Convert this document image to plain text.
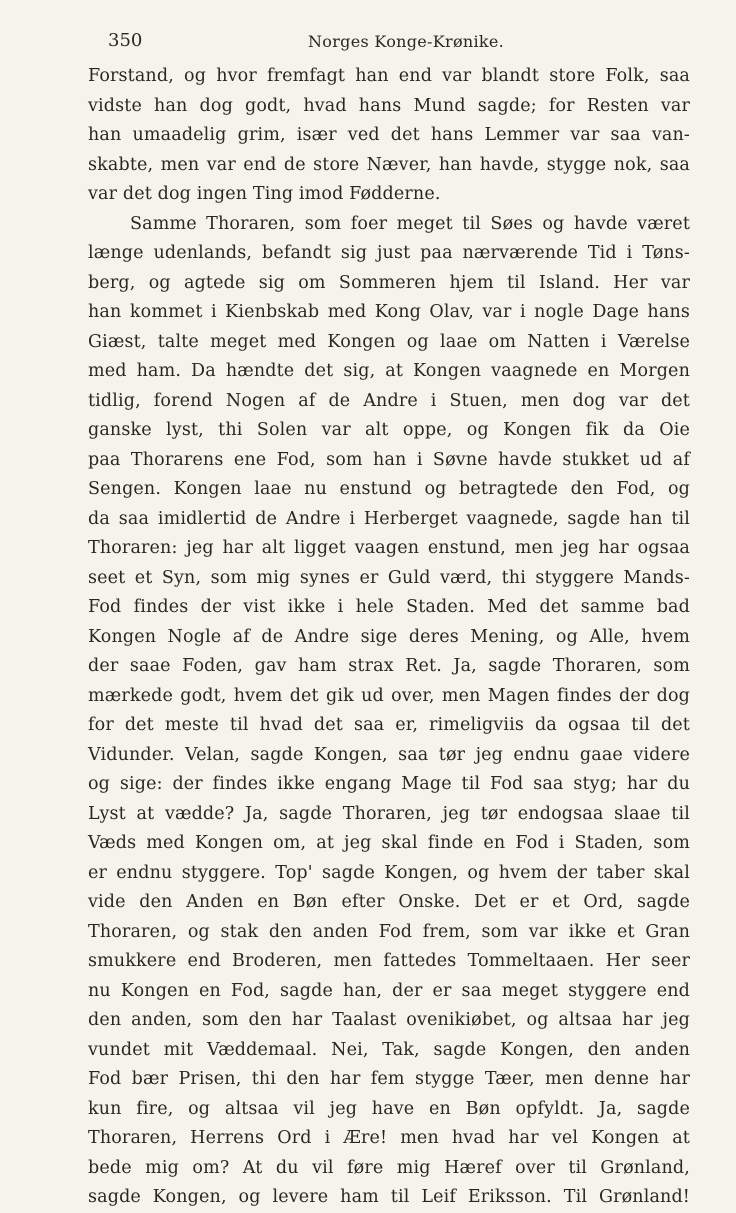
350	Norges Konge-Krønike.
Forstand, og hvor fremfagt han end var blandt store Folk, saa
vidste han dog godt, hvad hans Mund sagde; for Resten var
han umaadelig grim, især ved det hans Lemmer var saa van-
skabte, men var end de store Næver, han havde, stygge nok, saa
var det dog ingen Ting imod Fødderne.
Samme Thoraren, som foer meget til Søes og havde været
længe udenlands, befandt sig just paa nærværende Tid i Tøns-
berg, og agtede sig om Sommeren hjem til Island. Her var
han kommet i Kienbskab med Kong Olav, var i nogle Dage hans
Giæst, talte meget med Kongen og laae om Natten i Værelse
med ham. Da hændte det sig, at Kongen vaagnede en Morgen
tidlig, forend Nogen af de Andre i Stuen, men dog var det
ganske lyst, thi Solen var alt oppe, og Kongen fik da Oie
paa Thorarens ene Fod, som han i Søvne havde stukket ud af
Sengen. Kongen laae nu enstund og betragtede den Fod, og
da saa imidlertid de Andre i Herberget vaagnede, sagde han til
Thoraren: jeg har alt ligget vaagen enstund, men jeg har ogsaa
seet et Syn, som mig synes er Guld værd, thi styggere Mands-
Fod findes der vist ikke i hele Staden. Med det samme bad
Kongen Nogle af de Andre sige deres Mening, og Alle, hvem
der saae Foden, gav ham strax Ret. Ja, sagde Thoraren, som
mærkede godt, hvem det gik ud over, men Magen findes der dog
for det meste til hvad det saa er, rimeligviis da ogsaa til det
Vidunder. Velan, sagde Kongen, saa tør jeg endnu gaae videre
og sige: der findes ikke engang Mage til Fod saa styg; har du
Lyst at vædde? Ja, sagde Thoraren, jeg tør endogsaa slaae til
Væds med Kongen om, at jeg skal finde en Fod i Staden, som
er endnu styggere. Top' sagde Kongen, og hvem der taber skal
vide den Anden en Bøn efter Onske. Det er et Ord, sagde
Thoraren, og stak den anden Fod frem, som var ikke et Gran
smukkere end Broderen, men fattedes Tommeltaaen. Her seer
nu Kongen en Fod, sagde han, der er saa meget styggere end
den anden, som den har Taalast ovenikiøbet, og altsaa har jeg
vundet mit Væddemaal. Nei, Tak, sagde Kongen, den anden
Fod bær Prisen, thi den har fem stygge Tæer, men denne har
kun fire, og altsaa vil jeg have en Bøn opfyldt. Ja, sagde
Thoraren, Herrens Ord i Ære! men hvad har vel Kongen at
bede mig om? At du vil føre mig Hæref over til Grønland,
sagde Kongen, og levere ham til Leif Eriksson. Til Grønland!
